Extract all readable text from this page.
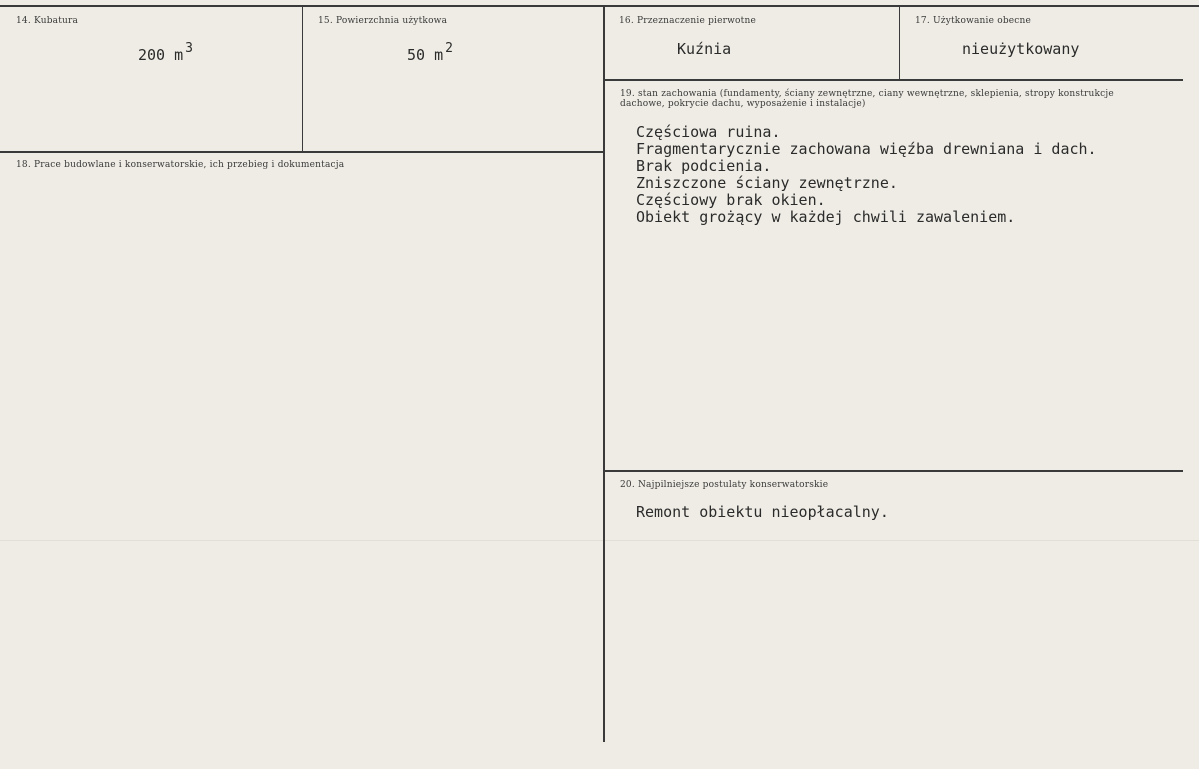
14. Kubatura
200 m $^3$
15. Powierzchnia użytkowa
50 m $^2$
16. Przeznaczenie pierwotne
Kuźnia
17. Użytkowanie obecne
nieużytkowany
18. Prace budowlane i konserwatorskie, ich przebieg i dokumentacja
19. stan zachowania (fundamenty, ściany zewnętrzne, ciany wewnętrzne, sklepienia, stropy konstrukcje dachowe, pokrycie dachu, wyposażenie i instalacje)
Częściowa ruina.
Fragmentarycznie zachowana więźba drewniana i dach.
Brak podcienia.
Zniszczone ściany zewnętrzne.
Częściowy brak okien.
Obiekt grożący w każdej chwili zawaleniem.
20. Najpilniejsze postulaty konserwatorskie
Remont obiektu nieopłacalny.
